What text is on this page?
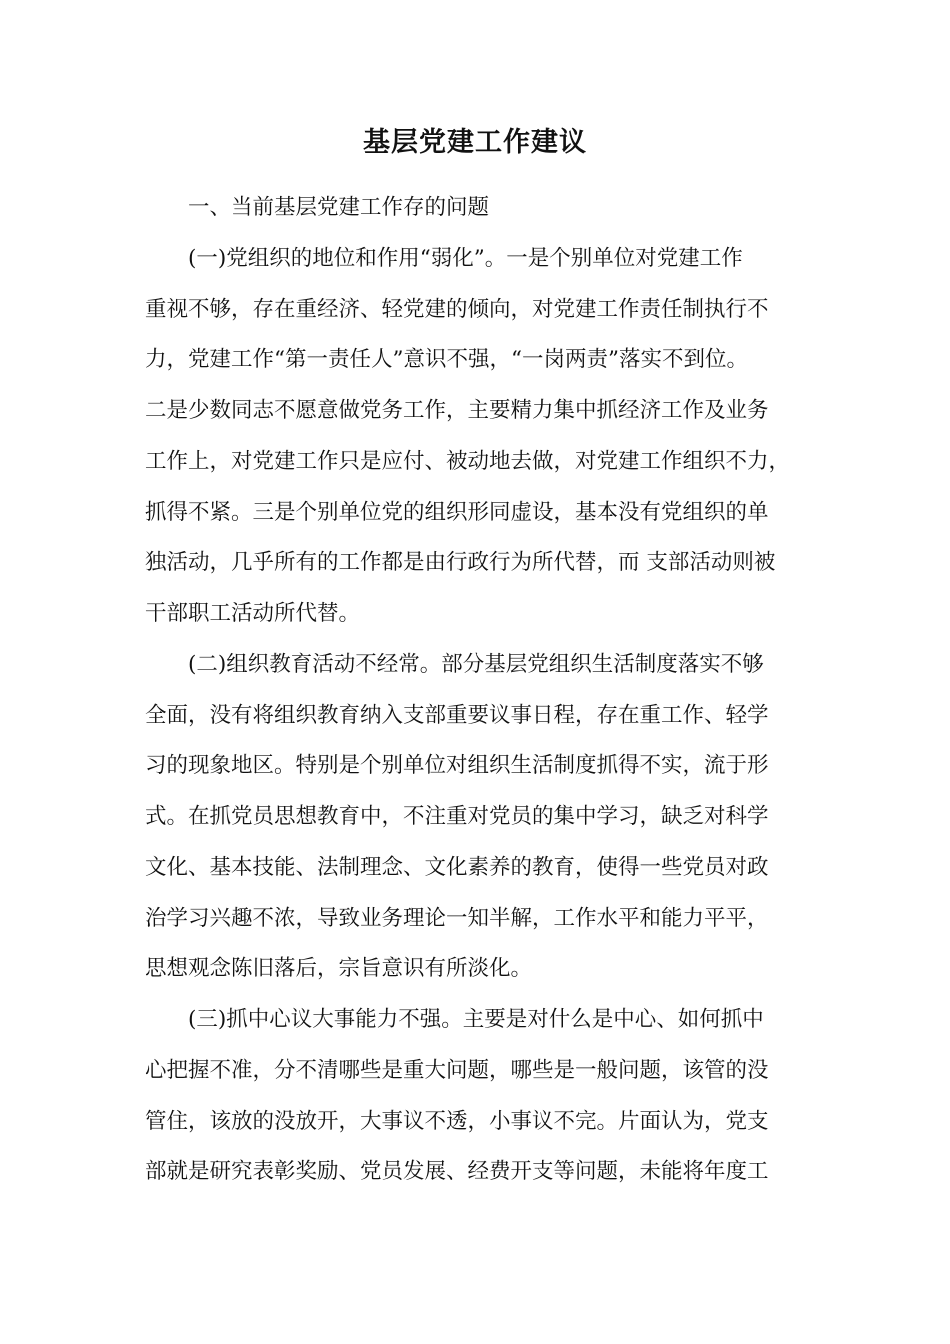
基层党建工作建议
一、当前基层党建工作存的问题
(一)党组织的地位和作用“弱化”。一是个别单位对党建工作
重视不够，存在重经济、轻党建的倾向，对党建工作责任制执行不
力，党建工作“第一责任人”意识不强，“一岗两责”落实不到位。
二是少数同志不愿意做党务工作，主要精力集中抓经济工作及业务
工作上，对党建工作只是应付、被动地去做，对党建工作组织不力，
抓得不紧。三是个别单位党的组织形同虚设，基本没有党组织的单
独活动，几乎所有的工作都是由行政行为所代替，而 支部活动则被
干部职工活动所代替。
(二)组织教育活动不经常。部分基层党组织生活制度落实不够
全面，没有将组织教育纳入支部重要议事日程，存在重工作、轻学
习的现象地区。特别是个别单位对组织生活制度抓得不实，流于形
式。在抓党员思想教育中，不注重对党员的集中学习，缺乏对科学
文化、基本技能、法制理念、文化素养的教育，使得一些党员对政
治学习兴趣不浓，导致业务理论一知半解，工作水平和能力平平，
思想观念陈旧落后，宗旨意识有所淡化。
(三)抓中心议大事能力不强。主要是对什么是中心、如何抓中
心把握不准，分不清哪些是重大问题，哪些是一般问题，该管的没
管住，该放的没放开，大事议不透，小事议不完。片面认为，党支
部就是研究表彰奖励、党员发展、经费开支等问题，未能将年度工
